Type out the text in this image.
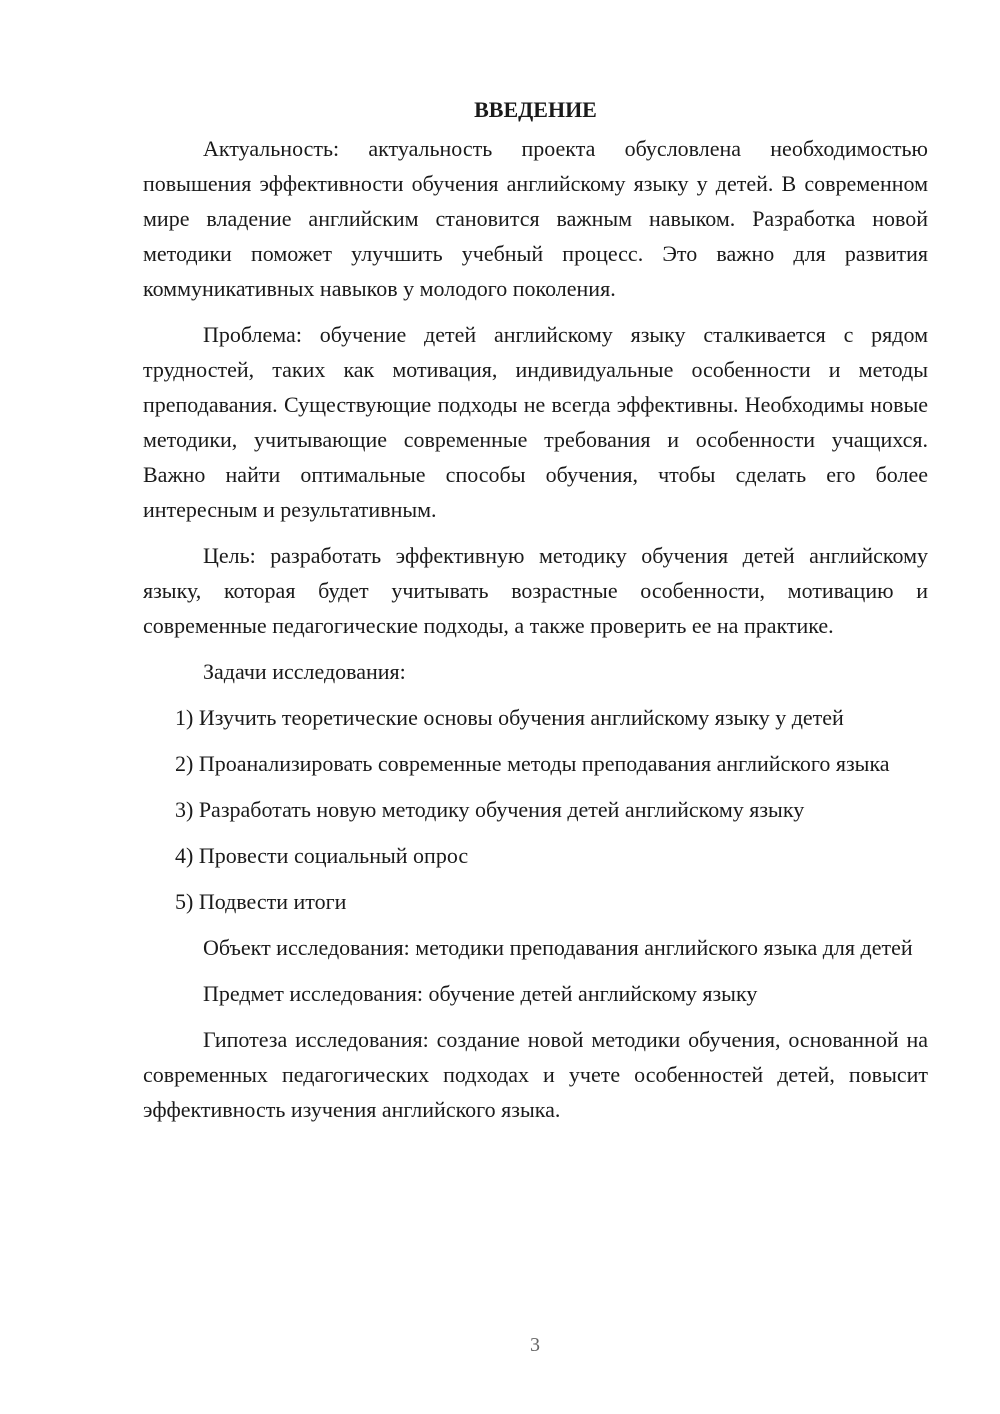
ВВЕДЕНИЕ

Актуальность: актуальность проекта обусловлена необходимостью повышения эффективности обучения английскому языку у детей. В современном мире владение английским становится важным навыком. Разработка новой методики поможет улучшить учебный процесс. Это важно для развития коммуникативных навыков у молодого поколения.

Проблема: обучение детей английскому языку сталкивается с рядом трудностей, таких как мотивация, индивидуальные особенности и методы преподавания. Существующие подходы не всегда эффективны. Необходимы новые методики, учитывающие современные требования и особенности учащихся. Важно найти оптимальные способы обучения, чтобы сделать его более интересным и результативным.

Цель: разработать эффективную методику обучения детей английскому языку, которая будет учитывать возрастные особенности, мотивацию и современные педагогические подходы, а также проверить ее на практике.

Задачи исследования:

1) Изучить теоретические основы обучения английскому языку у детей

2) Проанализировать современные методы преподавания английского языка

3) Разработать новую методику обучения детей английскому языку

4) Провести социальный опрос

5) Подвести итоги

Объект исследования: методики преподавания английского языка для детей

Предмет исследования: обучение детей английскому языку

Гипотеза исследования: создание новой методики обучения, основанной на современных педагогических подходах и учете особенностей детей, повысит эффективность изучения английского языка.

3
